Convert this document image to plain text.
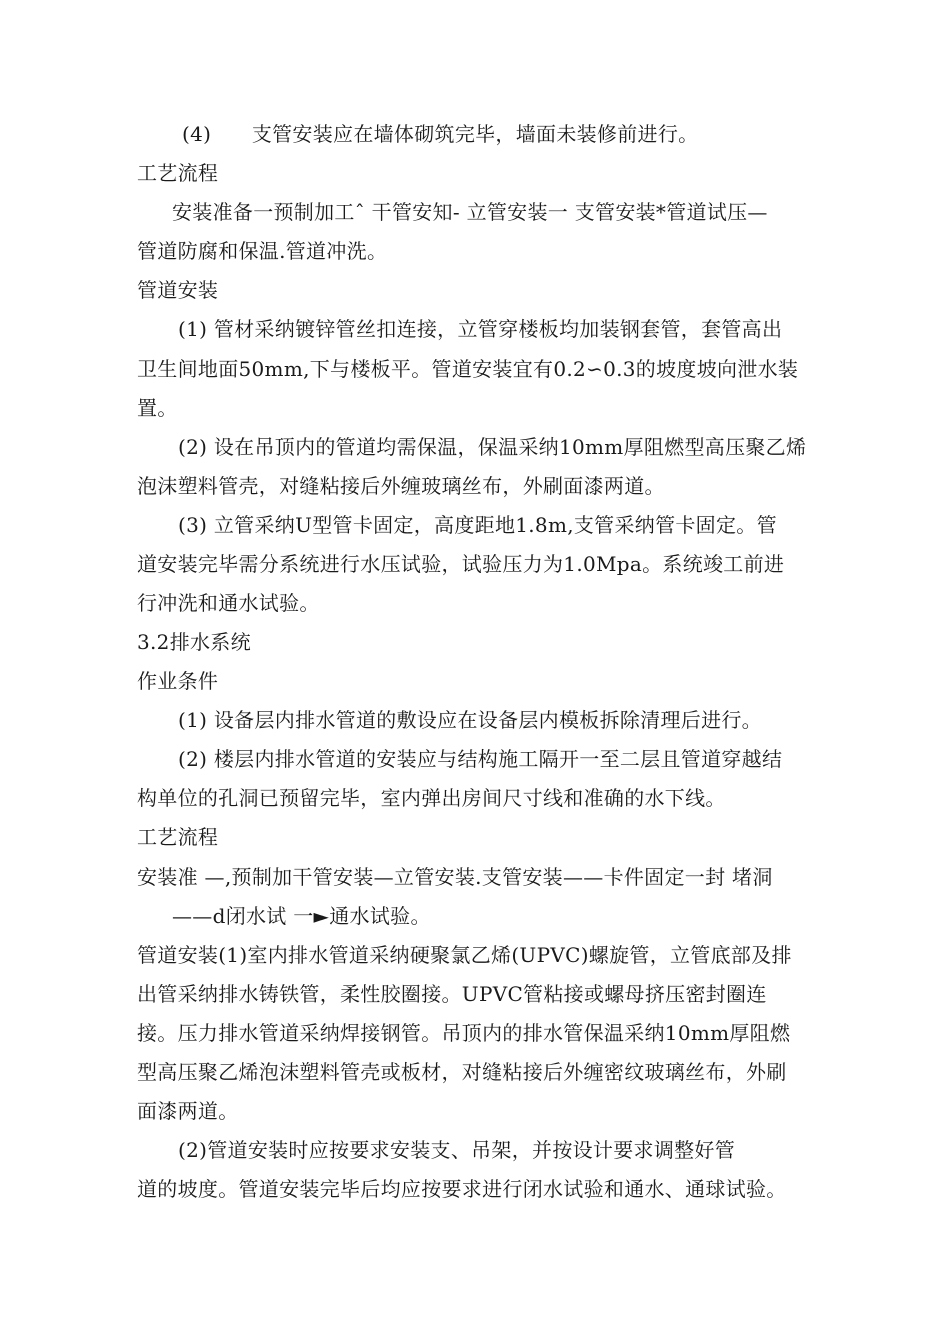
(4)　　支管安装应在墙体砌筑完毕，墙面未装修前进行。
工艺流程
安装准备一预制加工ˆ 干管安知- 立管安装一 支管安装*管道试压—
管道防腐和保温.管道冲洗。
管道安装
(1) 管材采纳镀锌管丝扣连接，立管穿楼板均加装钢套管，套管高出
卫生间地面50mm,下与楼板平。管道安装宜有0.2∽0.3的坡度坡向泄水装
置。
(2) 设在吊顶内的管道均需保温，保温采纳10mm厚阻燃型高压聚乙烯
泡沫塑料管壳，对缝粘接后外缠玻璃丝布，外刷面漆两道。
(3) 立管采纳U型管卡固定，高度距地1.8m,支管采纳管卡固定。管
道安装完毕需分系统进行水压试验，试验压力为1.0Mpa。系统竣工前进
行冲洗和通水试验。
3.2排水系统
作业条件
(1) 设备层内排水管道的敷设应在设备层内模板拆除清理后进行。
(2) 楼层内排水管道的安装应与结构施工隔开一至二层且管道穿越结
构单位的孔洞已预留完毕，室内弹出房间尺寸线和准确的水下线。
工艺流程
安装准 —,预制加干管安装—立管安装.支管安装——卡件固定一封 堵洞
——d闭水试 一►通水试验。
管道安装(1)室内排水管道采纳硬聚氯乙烯(UPVC)螺旋管，立管底部及排
出管采纳排水铸铁管，柔性胶圈接。UPVC管粘接或螺母挤压密封圈连
接。压力排水管道采纳焊接钢管。吊顶内的排水管保温采纳10mm厚阻燃
型高压聚乙烯泡沫塑料管壳或板材，对缝粘接后外缠密纹玻璃丝布，外刷
面漆两道。
(2)管道安装时应按要求安装支、吊架，并按设计要求调整好管
道的坡度。管道安装完毕后均应按要求进行闭水试验和通水、通球试验。
